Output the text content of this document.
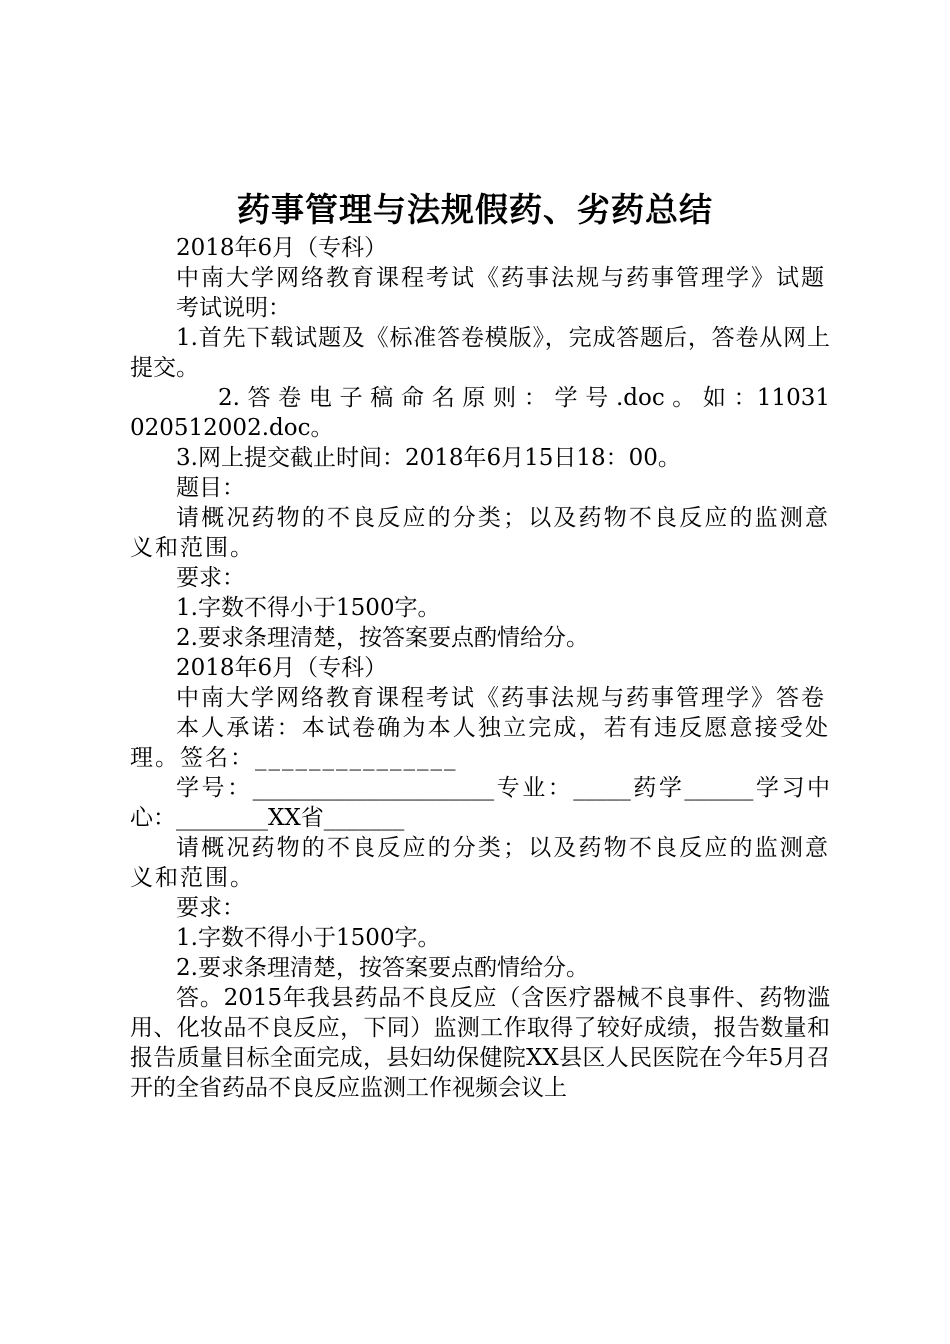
药事管理与法规假药、劣药总结

2018年6月（专科）

中南大学网络教育课程考试《药事法规与药事管理学》试题

考试说明：

1.首先下载试题及《标准答卷模版》，完成答题后，答卷从网上提交。

2. 答 卷 电 子 稿 命 名 原 则 ： 学 号 .doc 。 如 ：11031020512002.doc。

3.网上提交截止时间：2018年6月15日18：00。

题目：

请概况药物的不良反应的分类；以及药物不良反应的监测意义和范围。

要求：

1.字数不得小于1500字。

2.要求条理清楚，按答案要点酌情给分。

2018年6月（专科）

中南大学网络教育课程考试《药事法规与药事管理学》答卷

本人承诺：本试卷确为本人独立完成，若有违反愿意接受处理。签名：_______________

学号：_____________________专业：_____药学______学习中心：________XX省_______

请概况药物的不良反应的分类；以及药物不良反应的监测意义和范围。

要求：

1.字数不得小于1500字。

2.要求条理清楚，按答案要点酌情给分。

答。2015年我县药品不良反应（含医疗器械不良事件、药物滥用、化妆品不良反应，下同）监测工作取得了较好成绩，报告数量和报告质量目标全面完成，县妇幼保健院XX县区人民医院在今年5月召开的全省药品不良反应监测工作视频会议上
